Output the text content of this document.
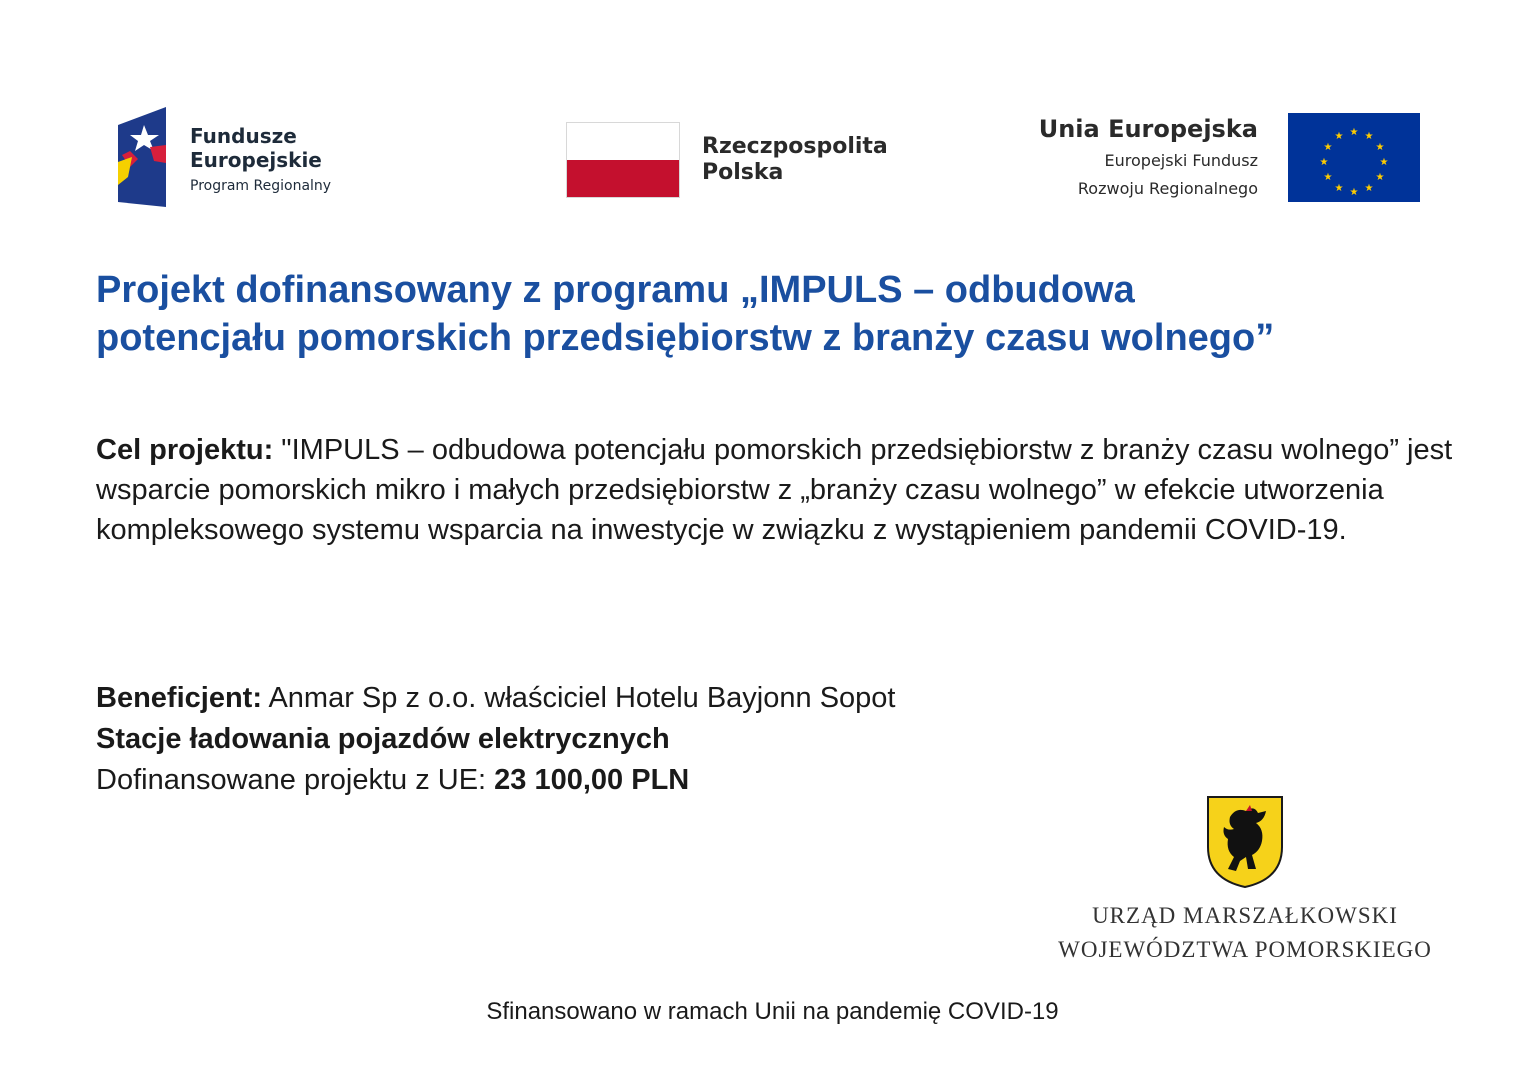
Fundusze
Europejskie
Program Regionalny
Rzeczpospolita
Polska
Unia Europejska
Europejski Fundusz
Rozwoju Regionalnego
★ ★
★
★
★
★
★
★
★
★
★
★
Projekt dofinansowany z programu „IMPULS – odbudowa
potencjału pomorskich przedsiębiorstw z branży czasu wolnego”
Cel projektu: "IMPULS – odbudowa potencjału pomorskich przedsiębiorstw z branży czasu wolnego” jest wsparcie pomorskich mikro i małych przedsiębiorstw z „branży czasu wolnego” w efekcie utworzenia kompleksowego systemu wsparcia na inwestycje w związku z wystąpieniem pandemii COVID-19.
Beneficjent: Anmar Sp z o.o. właściciel Hotelu Bayjonn Sopot
Stacje ładowania pojazdów elektrycznych
Dofinansowane projektu z UE: 23 100,00 PLN
URZĄD MARSZAŁKOWSKI
WOJEWÓDZTWA POMORSKIEGO
Sfinansowano w ramach Unii na pandemię COVID-19
